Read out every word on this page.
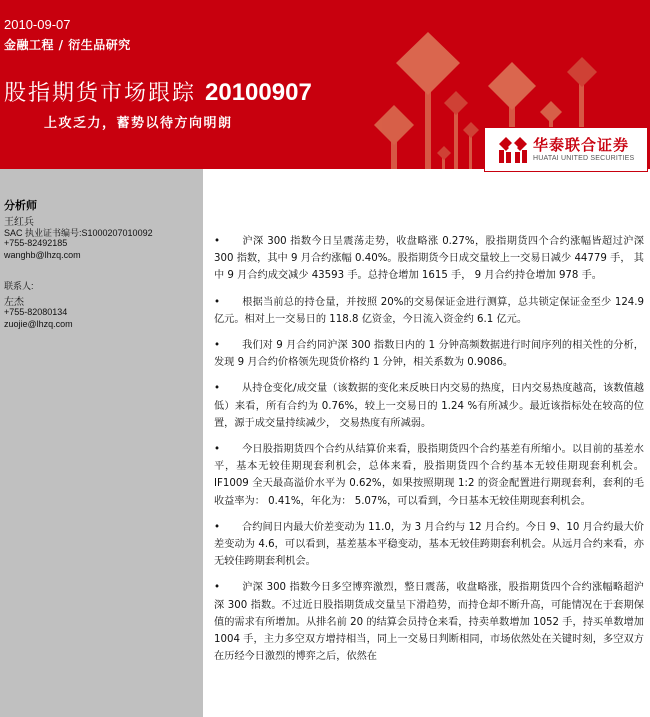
2010-09-07
金融工程 / 衍生品研究
股指期货市场跟踪 20100907
上攻乏力，蓄势以待方向明朗
华泰联合证券
HUATAI UNITED SECURITIES
分析师
王红兵
SAC 执业证书编号:S1000207010092
+755-82492185
wanghb@lhzq.com
联系人:
左杰
+755-82080134
zuojie@lhzq.com

• 沪深 300 指数今日呈震荡走势，收盘略涨 0.27%，股指期货四个合约涨幅皆超过沪深 300 指数，其中 9 月合约涨幅 0.40%。股指期货今日成交量较上一交易日减少 44779 手， 其中 9 月合约成交减少 43593 手。总持仓增加 1615 手， 9 月合约持仓增加 978 手。

• 根据当前总的持仓量，并按照 20%的交易保证金进行测算，总共锁定保证金至少 124.9 亿元。相对上一交易日的 118.8 亿资金，今日流入资金约 6.1 亿元。

• 我们对 9 月合约同沪深 300 指数日内的 1 分钟高频数据进行时间序列的相关性的分析，发现 9 月合约价格领先现货价格约 1 分钟，相关系数为 0.9086。

• 从持仓变化/成交量（该数据的变化来反映日内交易的热度，日内交易热度越高，该数值越低）来看，所有合约为 0.76%，较上一交易日的 1.24 %有所减少。最近该指标处在较高的位置，源于成交量持续减少， 交易热度有所减弱。

• 今日股指期货四个合约从结算价来看，股指期货四个合约基差有所缩小。以目前的基差水平，基本无较佳期现套利机会，总体来看，股指期货四个合约基本无较佳期现套利机会。IF1009 全天最高溢价水平为 0.62%，如果按照期现 1:2 的资金配置进行期现套利，套利的毛收益率为： 0.41%，年化为： 5.07%，可以看到，今日基本无较佳期现套利机会。

• 合约间日内最大价差变动为 11.0，为 3 月合约与 12 月合约。今日 9、10 月合约最大价差变动为 4.6，可以看到，基差基本平稳变动，基本无较佳跨期套利机会。从远月合约来看，亦无较佳跨期套利机会。

• 沪深 300 指数今日多空博弈激烈，整日震荡，收盘略涨，股指期货四个合约涨幅略超沪深 300 指数。不过近日股指期货成交量呈下滑趋势，而持仓却不断升高，可能情况在于套期保值的需求有所增加。从排名前 20 的结算会员持仓来看，持卖单数增加 1052 手，持买单数增加 1004 手，主力多空双方增持相当，同上一交易日判断相同，市场依然处在关键时刻，多空双方在历经今日激烈的博弈之后，依然在
